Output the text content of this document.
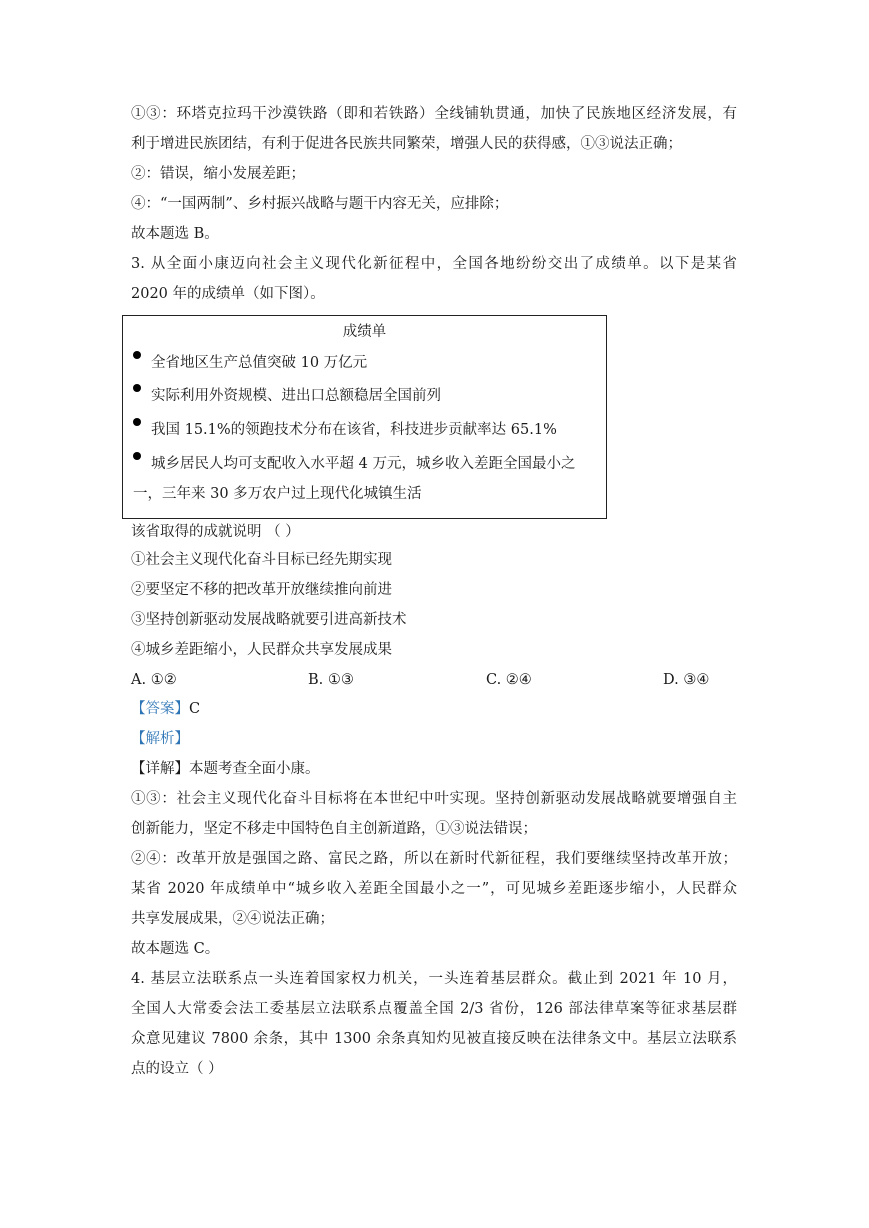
①③：环塔克拉玛干沙漠铁路（即和若铁路）全线铺轨贯通，加快了民族地区经济发展，有
利于增进民族团结，有利于促进各民族共同繁荣，增强人民的获得感，①③说法正确；
②：错误，缩小发展差距；
④：“一国两制”、乡村振兴战略与题干内容无关，应排除；
故本题选 B。
3. 从全面小康迈向社会主义现代化新征程中，全国各地纷纷交出了成绩单。以下是某省
2020 年的成绩单（如下图）。
成绩单
全省地区生产总值突破 10 万亿元
实际利用外资规模、进出口总额稳居全国前列
我国 15.1%的领跑技术分布在该省，科技进步贡献率达 65.1%
城乡居民人均可支配收入水平超 4 万元，城乡收入差距全国最小之
一，三年来 30 多万农户过上现代化城镇生活
该省取得的成就说明 （ ）
①社会主义现代化奋斗目标已经先期实现
②要坚定不移的把改革开放继续推向前进
③坚持创新驱动发展战略就要引进高新技术
④城乡差距缩小，人民群众共享发展成果
A. ①②	B. ①③	C. ②④	D. ③④
【答案】C
【解析】
【详解】本题考查全面小康。
①③：社会主义现代化奋斗目标将在本世纪中叶实现。坚持创新驱动发展战略就要增强自主
创新能力，坚定不移走中国特色自主创新道路，①③说法错误；
②④：改革开放是强国之路、富民之路，所以在新时代新征程，我们要继续坚持改革开放；
某省 2020 年成绩单中“城乡收入差距全国最小之一”，可见城乡差距逐步缩小，人民群众
共享发展成果，②④说法正确；
故本题选 C。
4. 基层立法联系点一头连着国家权力机关，一头连着基层群众。截止到 2021 年 10 月，
全国人大常委会法工委基层立法联系点覆盖全国 2/3 省份，126 部法律草案等征求基层群
众意见建议 7800 余条，其中 1300 余条真知灼见被直接反映在法律条文中。基层立法联系
点的设立（ ）
